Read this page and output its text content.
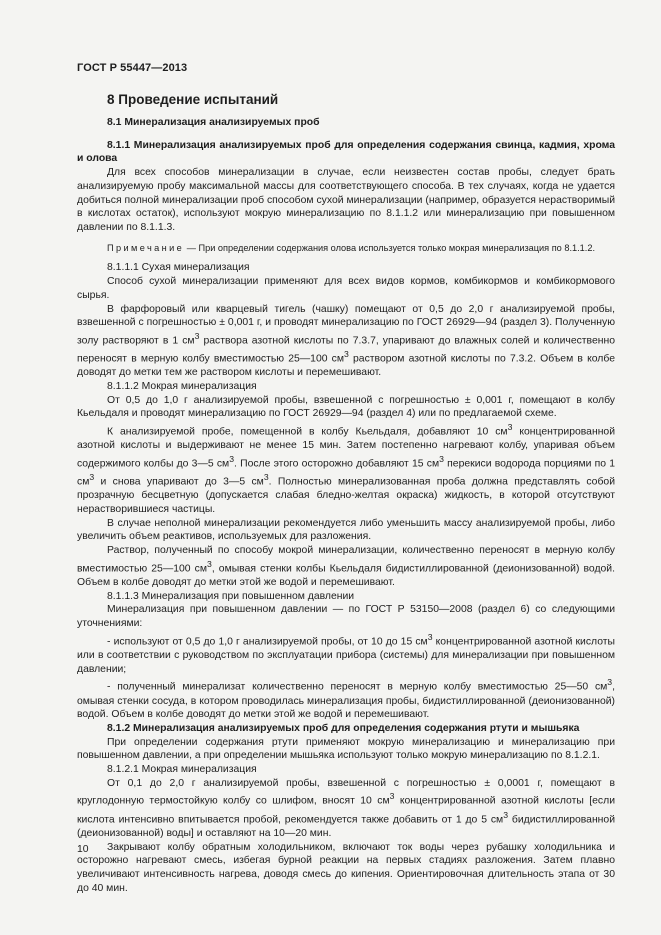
ГОСТ Р 55447—2013
8 Проведение испытаний
8.1 Минерализация анализируемых проб

8.1.1 Минерализация анализируемых проб для определения содержания свинца, кадмия, хрома и олова

Для всех способов минерализации в случае, если неизвестен состав пробы, следует брать анализируемую пробу максимальной массы для соответствующего способа. В тех случаях, когда не удается добиться полной минерализации проб способом сухой минерализации (например, образуется нерастворимый в кислотах остаток), используют мокрую минерализацию по 8.1.1.2 или минерализацию при повышенном давлении по 8.1.1.3.

Примечание — При определении содержания олова используется только мокрая минерализация по 8.1.1.2.

8.1.1.1 Сухая минерализация

Способ сухой минерализации применяют для всех видов кормов, комбикормов и комбикормового сырья.

В фарфоровый или кварцевый тигель (чашку) помещают от 0,5 до 2,0 г анализируемой пробы, взвешенной с погрешностью ± 0,001 г, и проводят минерализацию по ГОСТ 26929—94 (раздел 3). Полученную золу растворяют в 1 $см^3$ раствора азотной кислоты по 7.3.7, упаривают до влажных солей и количественно переносят в мерную колбу вместимостью 25—100 $см^3$ раствором азотной кислоты по 7.3.2. Объем в колбе доводят до метки тем же раствором кислоты и перемешивают.

8.1.1.2 Мокрая минерализация

От 0,5 до 1,0 г анализируемой пробы, взвешенной с погрешностью ± 0,001 г, помещают в колбу Кьельдаля и проводят минерализацию по ГОСТ 26929—94 (раздел 4) или по предлагаемой схеме.

К анализируемой пробе, помещенной в колбу Кьельдаля, добавляют 10 $см^3$ концентрированной азотной кислоты и выдерживают не менее 15 мин. Затем постепенно нагревают колбу, упаривая объем содержимого колбы до 3—5 $см^3$. После этого осторожно добавляют 15 $см^3$ перекиси водорода порциями по 1 $см^3$ и снова упаривают до 3—5 $см^3$. Полностью минерализованная проба должна представлять собой прозрачную бесцветную (допускается слабая бледно-желтая окраска) жидкость, в которой отсутствуют нерастворившиеся частицы.

В случае неполной минерализации рекомендуется либо уменьшить массу анализируемой пробы, либо увеличить объем реактивов, используемых для разложения.

Раствор, полученный по способу мокрой минерализации, количественно переносят в мерную колбу вместимостью 25—100 $см^3$, омывая стенки колбы Кьельдаля бидистиллированной (деионизованной) водой. Объем в колбе доводят до метки этой же водой и перемешивают.

8.1.1.3 Минерализация при повышенном давлении

Минерализация при повышенном давлении — по ГОСТ Р 53150—2008 (раздел 6) со следующими уточнениями:

- используют от 0,5 до 1,0 г анализируемой пробы, от 10 до 15 $см^3$ концентрированной азотной кислоты или в соответствии с руководством по эксплуатации прибора (системы) для минерализации при повышенном давлении;

- полученный минерализат количественно переносят в мерную колбу вместимостью 25—50 $см^3$, омывая стенки сосуда, в котором проводилась минерализация пробы, бидистиллированной (деионизованной) водой. Объем в колбе доводят до метки этой же водой и перемешивают.

8.1.2 Минерализация анализируемых проб для определения содержания ртути и мышьяка

При определении содержания ртути применяют мокрую минерализацию и минерализацию при повышенном давлении, а при определении мышьяка используют только мокрую минерализацию по 8.1.2.1.

8.1.2.1 Мокрая минерализация

От 0,1 до 2,0 г анализируемой пробы, взвешенной с погрешностью ± 0,0001 г, помещают в круглодонную термостойкую колбу со шлифом, вносят 10 $см^3$ концентрированной азотной кислоты [если кислота интенсивно впитывается пробой, рекомендуется также добавить от 1 до 5 $см^3$ бидистиллированной (деионизованной) воды] и оставляют на 10—20 мин.

Закрывают колбу обратным холодильником, включают ток воды через рубашку холодильника и осторожно нагревают смесь, избегая бурной реакции на первых стадиях разложения. Затем плавно увеличивают интенсивность нагрева, доводя смесь до кипения. Ориентировочная длительность этапа от 30 до 40 мин.

10
